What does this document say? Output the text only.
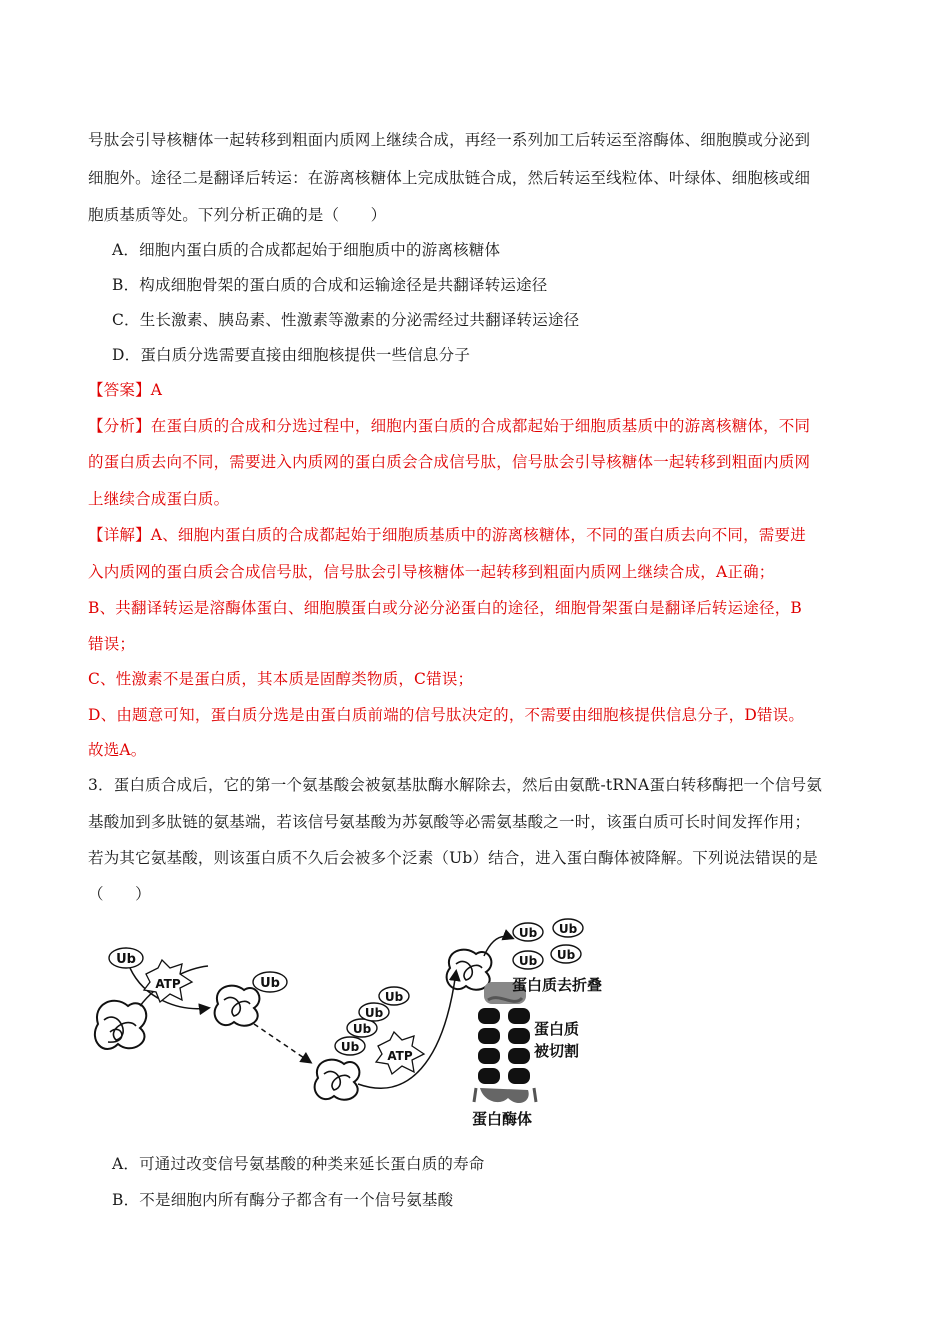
号肽会引导核糖体一起转移到粗面内质网上继续合成，再经一系列加工后转运至溶酶体、细胞膜或分泌到
细胞外。途径二是翻译后转运：在游离核糖体上完成肽链合成，然后转运至线粒体、叶绿体、细胞核或细
胞质基质等处。下列分析正确的是（　　）
A．细胞内蛋白质的合成都起始于细胞质中的游离核糖体
B．构成细胞骨架的蛋白质的合成和运输途径是共翻译转运途径
C．生长激素、胰岛素、性激素等激素的分泌需经过共翻译转运途径
D．蛋白质分选需要直接由细胞核提供一些信息分子
【答案】A
【分析】在蛋白质的合成和分选过程中，细胞内蛋白质的合成都起始于细胞质基质中的游离核糖体，不同
的蛋白质去向不同，需要进入内质网的蛋白质会合成信号肽，信号肽会引导核糖体一起转移到粗面内质网
上继续合成蛋白质。
【详解】A、细胞内蛋白质的合成都起始于细胞质基质中的游离核糖体，不同的蛋白质去向不同，需要进
入内质网的蛋白质会合成信号肽，信号肽会引导核糖体一起转移到粗面内质网上继续合成，A正确；
B、共翻译转运是溶酶体蛋白、细胞膜蛋白或分泌分泌蛋白的途径，细胞骨架蛋白是翻译后转运途径，B
错误；
C、性激素不是蛋白质，其本质是固醇类物质，C错误；
D、由题意可知，蛋白质分选是由蛋白质前端的信号肽决定的，不需要由细胞核提供信息分子，D错误。
故选A。
3．蛋白质合成后，它的第一个氨基酸会被氨基肽酶水解除去，然后由氨酰-tRNA蛋白转移酶把一个信号氨
基酸加到多肽链的氨基端，若该信号氨基酸为苏氨酸等必需氨基酸之一时，该蛋白质可长时间发挥作用；
若为其它氨基酸，则该蛋白质不久后会被多个泛素（Ub）结合，进入蛋白酶体被降解。下列说法错误的是
（　　）
Ub
ATP	Ub
Ub
Ub
Ub
Ub
ATP
Ub Ub
Ub
Ub
蛋白质去折叠
蛋白质
被切割
蛋白酶体
A．可通过改变信号氨基酸的种类来延长蛋白质的寿命
B．不是细胞内所有酶分子都含有一个信号氨基酸
